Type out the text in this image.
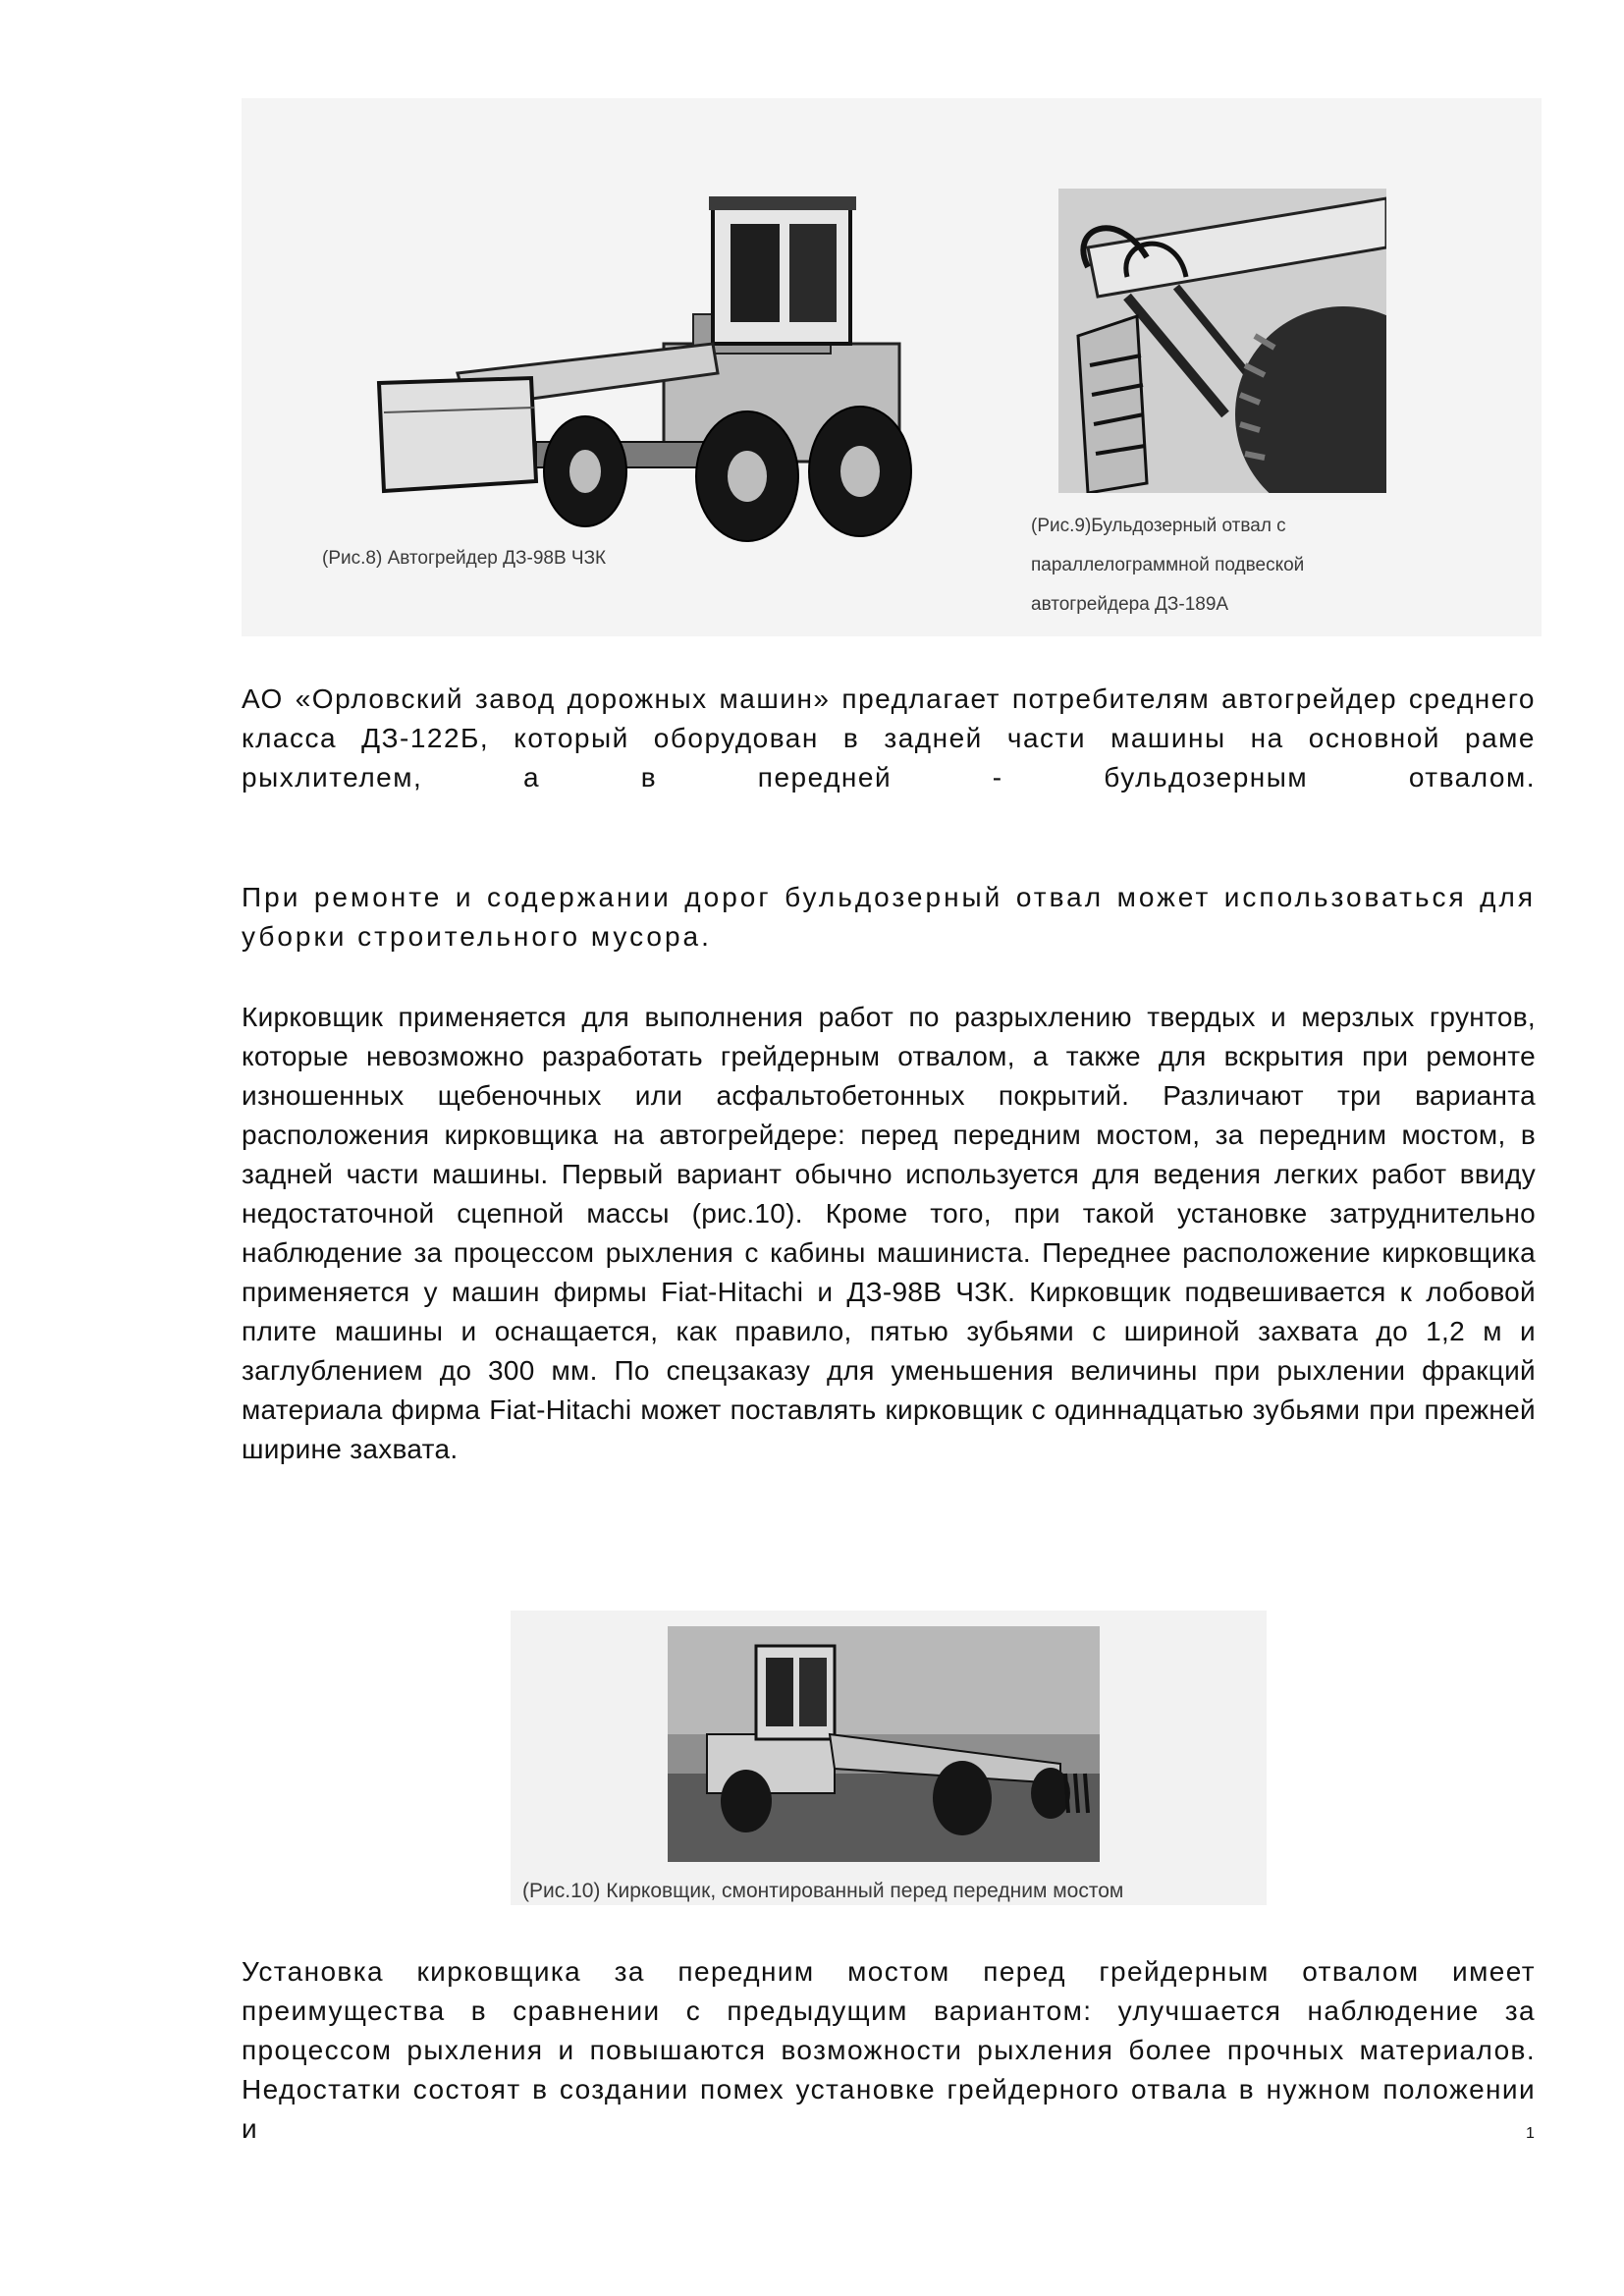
(Рис.8) Автогрейдер ДЗ-98В ЧЗК
(Рис.9)Бульдозерный отвал с параллелограммной подвеской автогрейдера ДЗ-189А

АО «Орловский завод дорожных машин» предлагает потребителям автогрейдер среднего класса ДЗ-122Б, который оборудован в задней части машины на основной раме рыхлителем, а в передней - бульдозерным отвалом.

При ремонте и содержании дорог бульдозерный отвал может использоваться для уборки строительного мусора.

Кирковщик применяется для выполнения работ по разрыхлению твердых и мерзлых грунтов, которые невозможно разработать грейдерным отвалом, а также для вскрытия при ремонте изношенных щебеночных или асфальтобетонных покрытий. Различают три варианта расположения кирковщика на автогрейдере: перед передним мостом, за передним мостом, в задней части машины. Первый вариант обычно используется для ведения легких работ ввиду недостаточной сцепной массы (рис.10). Кроме того, при такой установке затруднительно наблюдение за процессом рыхления с кабины машиниста. Переднее расположение кирковщика применяется у машин фирмы Fiat-Hitachi и ДЗ-98В ЧЗК. Кирковщик подвешивается к лобовой плите машины и оснащается, как правило, пятью зубьями с шириной захвата до 1,2 м и заглублением до 300 мм. По спецзаказу для уменьшения величины при рыхлении фракций материала фирма Fiat-Hitachi может поставлять кирковщик с одиннадцатью зубьями при прежней ширине захвата.

(Рис.10) Кирковщик, смонтированный перед передним мостом

Установка кирковщика за передним мостом перед грейдерным отвалом имеет преимущества в сравнении с предыдущим вариантом: улучшается наблюдение за процессом рыхления и повышаются возможности рыхления более прочных материалов. Недостатки состоят в создании помех установке грейдерного отвала в нужном положении и	1
